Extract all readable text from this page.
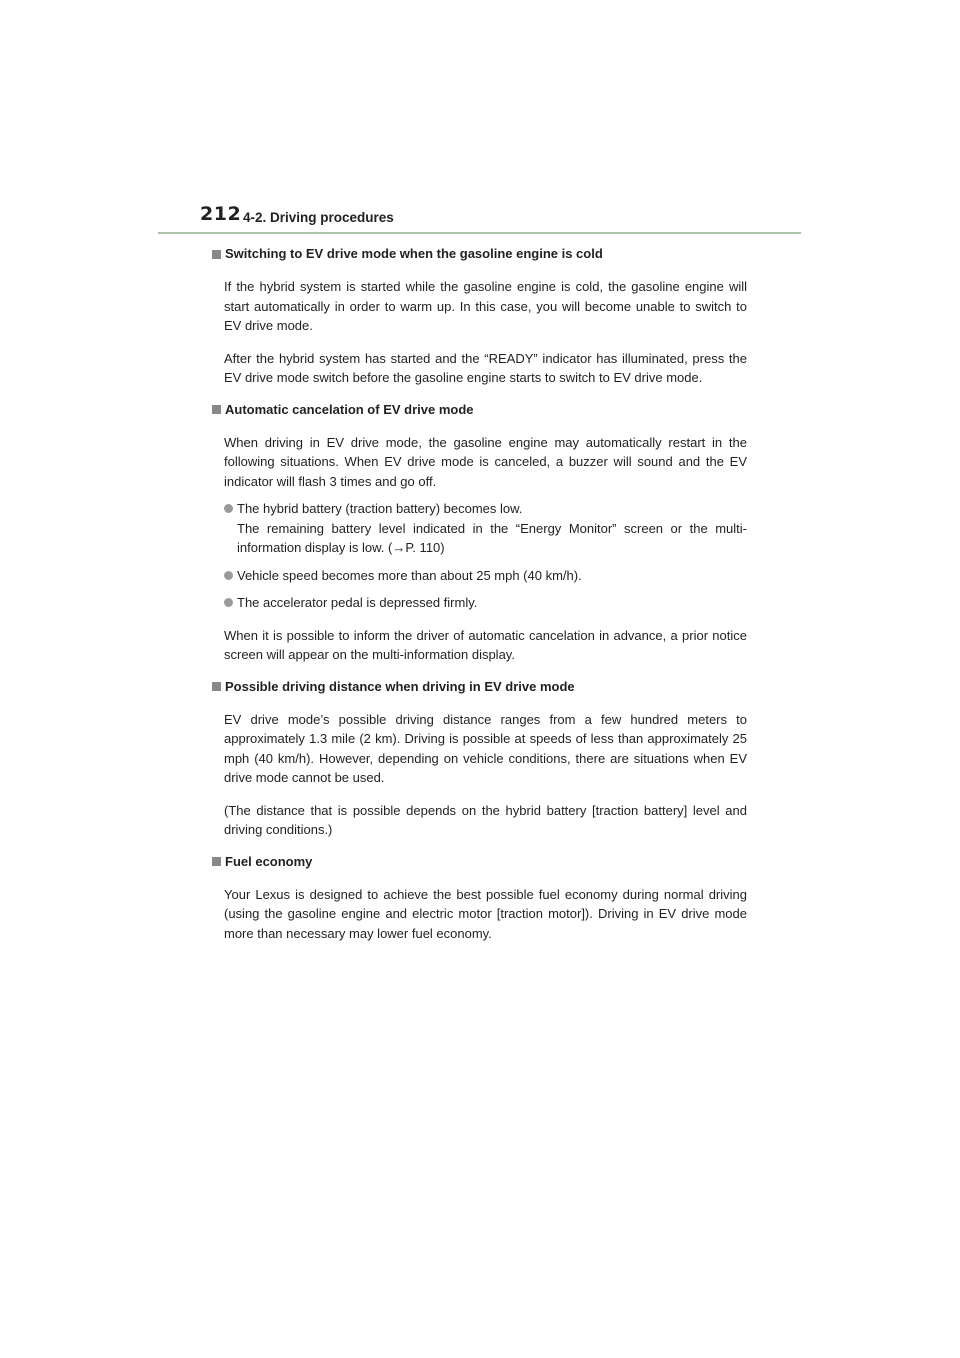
212 4-2. Driving procedures
Switching to EV drive mode when the gasoline engine is cold

If the hybrid system is started while the gasoline engine is cold, the gasoline engine will start automatically in order to warm up. In this case, you will become unable to switch to EV drive mode.

After the hybrid system has started and the “READY” indicator has illuminated, press the EV drive mode switch before the gasoline engine starts to switch to EV drive mode.

Automatic cancelation of EV drive mode

When driving in EV drive mode, the gasoline engine may automatically restart in the following situations. When EV drive mode is canceled, a buzzer will sound and the EV indicator will flash 3 times and go off.

The hybrid battery (traction battery) becomes low.
The remaining battery level indicated in the “Energy Monitor” screen or the multi-information display is low. (→P. 110)
Vehicle speed becomes more than about 25 mph (40 km/h).
The accelerator pedal is depressed firmly.

When it is possible to inform the driver of automatic cancelation in advance, a prior notice screen will appear on the multi-information display.

Possible driving distance when driving in EV drive mode

EV drive mode’s possible driving distance ranges from a few hundred meters to approximately 1.3 mile (2 km). Driving is possible at speeds of less than approximately 25 mph (40 km/h). However, depending on vehicle conditions, there are situations when EV drive mode cannot be used.

(The distance that is possible depends on the hybrid battery [traction battery] level and driving conditions.)

Fuel economy

Your Lexus is designed to achieve the best possible fuel economy during normal driving (using the gasoline engine and electric motor [traction motor]). Driving in EV drive mode more than necessary may lower fuel economy.
